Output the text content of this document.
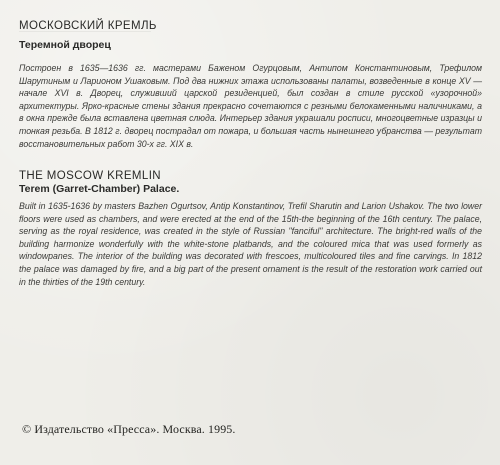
МОСКОВСКИЙ КРЕМЛЬ

Теремной дворец

Построен в 1635—1636 гг. мастерами Баженом Огурцовым, Антипом Константиновым, Трефилом Шарутиным и Ларионом Ушаковым. Под два нижних этажа использованы палаты, возведенные в конце XV — начале XVI в. Дворец, служивший царской резиденцией, был создан в стиле русской «узорочной» архитектуры. Ярко-красные стены здания прекрасно сочетаются с резными белокаменными наличниками, а в окна прежде была вставлена цветная слюда. Интерьер здания украшали росписи, многоцветные изразцы и тонкая резьба. В 1812 г. дворец пострадал от пожара, и большая часть нынешнего убранства — результат восстановительных работ 30-х гг. XIX в.

THE MOSCOW KREMLIN

Terem (Garret-Chamber) Palace.

Built in 1635-1636 by masters Bazhen Ogurtsov, Antip Konstantinov, Trefil Sharutin and Larion Ushakov. The two lower floors were used as chambers, and were erected at the end of the 15th-the beginning of the 16th century. The palace, serving as the royal residence, was created in the style of Russian "fanciful" architecture. The bright-red walls of the building harmonize wonderfully with the white-stone platbands, and the coloured mica that was used formerly as windowpanes. The interior of the building was decorated with frescoes, multicoloured tiles and fine carvings. In 1812 the palace was damaged by fire, and a big part of the present ornament is the result of the restoration work carried out in the thirties of the 19th century.

© Издательство «Пресса». Москва. 1995.
